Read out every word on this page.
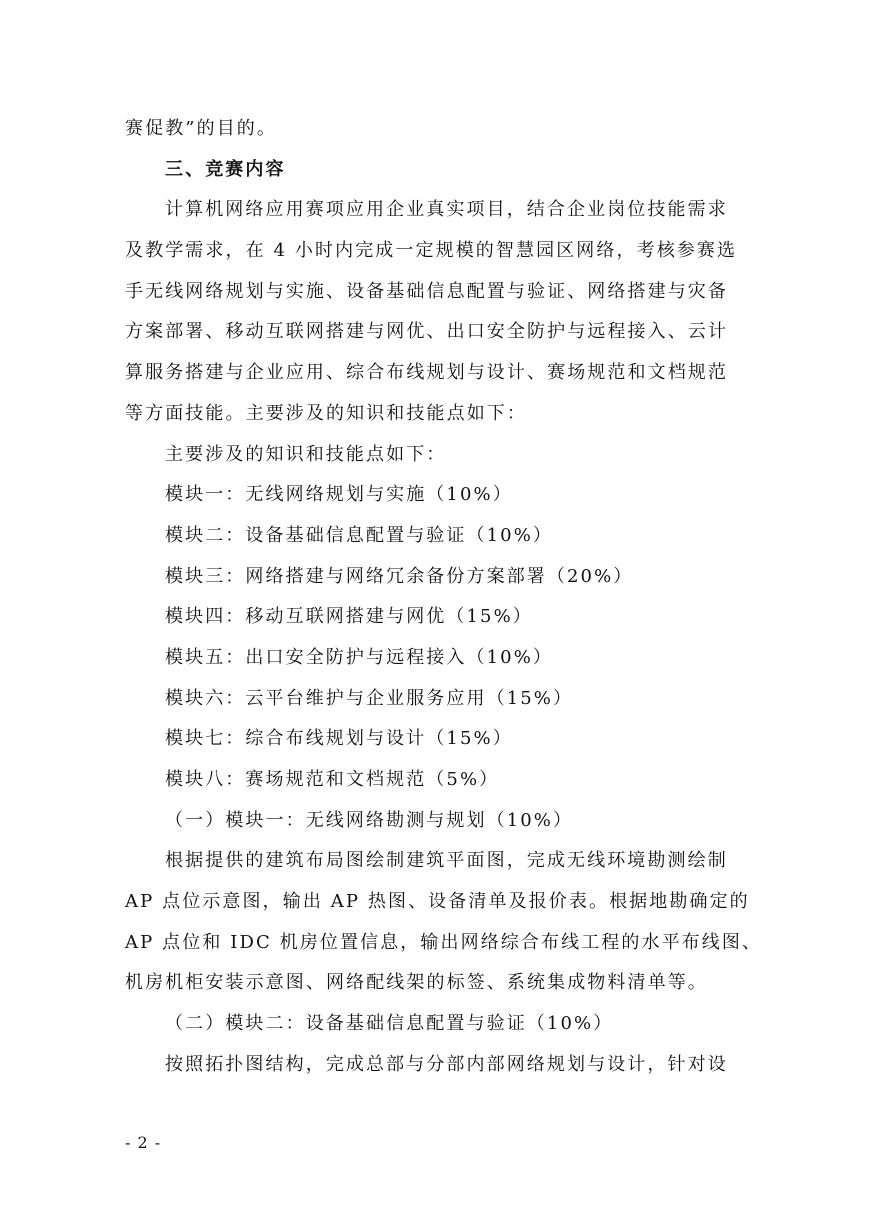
赛促教”的目的。
三、竞赛内容
计算机网络应用赛项应用企业真实项目，结合企业岗位技能需求
及教学需求，在 4 小时内完成一定规模的智慧园区网络，考核参赛选
手无线网络规划与实施、设备基础信息配置与验证、网络搭建与灾备
方案部署、移动互联网搭建与网优、出口安全防护与远程接入、云计
算服务搭建与企业应用、综合布线规划与设计、赛场规范和文档规范
等方面技能。主要涉及的知识和技能点如下：
主要涉及的知识和技能点如下：
模块一：无线网络规划与实施（10%）
模块二：设备基础信息配置与验证（10%）
模块三：网络搭建与网络冗余备份方案部署（20%）
模块四：移动互联网搭建与网优（15%）
模块五：出口安全防护与远程接入（10%）
模块六：云平台维护与企业服务应用（15%）
模块七：综合布线规划与设计（15%）
模块八：赛场规范和文档规范（5%）
（一）模块一：无线网络勘测与规划（10%）
根据提供的建筑布局图绘制建筑平面图，完成无线环境勘测绘制
AP 点位示意图，输出 AP 热图、设备清单及报价表。根据地勘确定的
AP 点位和 IDC 机房位置信息，输出网络综合布线工程的水平布线图、
机房机柜安装示意图、网络配线架的标签、系统集成物料清单等。
（二）模块二：设备基础信息配置与验证（10%）
按照拓扑图结构，完成总部与分部内部网络规划与设计，针对设
- 2 -
